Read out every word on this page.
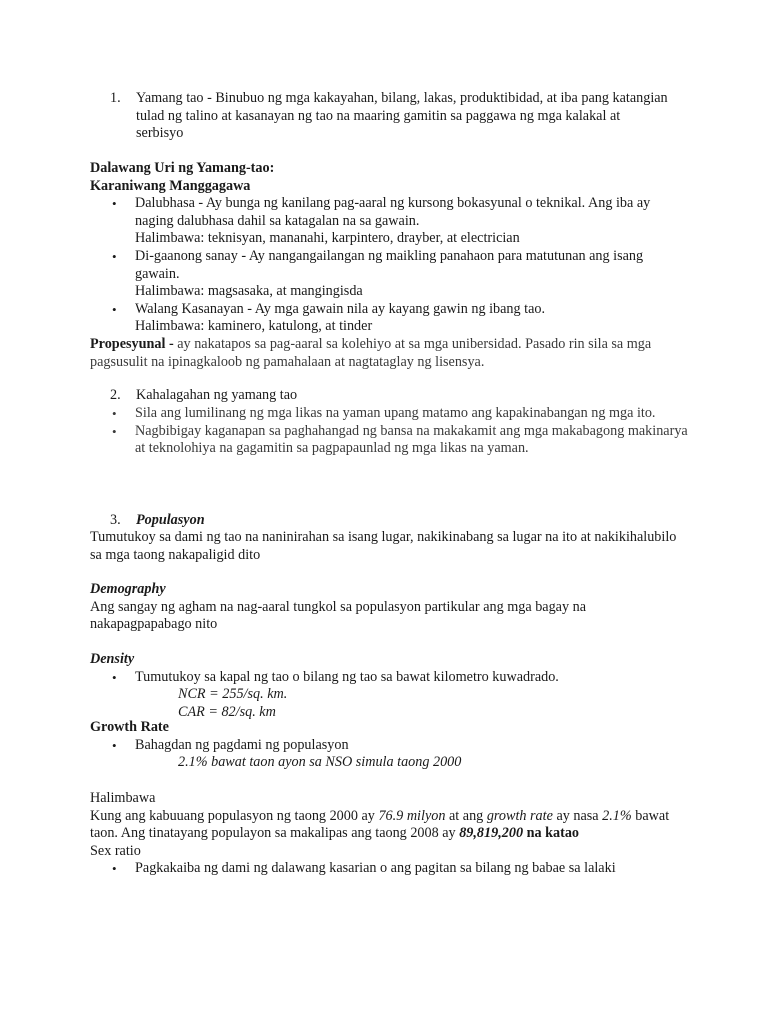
1. Yamang tao - Binubuo ng mga kakayahan, bilang, lakas, produktibidad, at iba pang katangian tulad ng talino at kasanayan ng tao na maaring gamitin sa paggawa ng mga kalakal at serbisyo
Dalawang Uri ng Yamang-tao:
Karaniwang Manggagawa
• Dalubhasa - Ay bunga ng kanilang pag-aaral ng kursong bokasyunal o teknikal. Ang iba ay naging dalubhasa dahil sa katagalan na sa gawain.
Halimbawa: teknisyan, mananahi, karpintero, drayber, at electrician
• Di-gaanong sanay - Ay nangangailangan ng maikling panahaon para matutunan ang isang gawain.
Halimbawa: magsasaka, at mangingisda
• Walang Kasanayan - Ay mga gawain nila ay kayang gawin ng ibang tao.
Halimbawa: kaminero, katulong, at tinder
Propesyunal - ay nakatapos sa pag-aaral sa kolehiyo at sa mga unibersidad. Pasado rin sila sa mga pagsusulit na ipinagkaloob ng pamahalaan at nagtataglay ng lisensya.
2. Kahalagahan ng yamang tao
• Sila ang lumilinang ng mga likas na yaman upang matamo ang kapakinabangan ng mga ito.
• Nagbibigay kaganapan sa paghahangad ng bansa na makakamit ang mga makabagong makinarya at teknolohiya na gagamitin sa pagpapaunlad ng mga likas na yaman.
3. Populasyon
Tumutukoy sa dami ng tao na naninirahan sa isang lugar, nakikinabang sa lugar na ito at nakikihalubilo sa mga taong nakapaligid dito
Demography
Ang sangay ng agham na nag-aaral tungkol sa populasyon partikular ang mga bagay na nakapagpapabago nito
Density
• Tumutukoy sa kapal ng tao o bilang ng tao sa bawat kilometro kuwadrado.
NCR = 255/sq. km.
CAR = 82/sq. km
Growth Rate
• Bahagdan ng pagdami ng populasyon
2.1% bawat taon ayon sa NSO simula taong 2000
Halimbawa
Kung ang kabuuang populasyon ng taong 2000 ay 76.9 milyon at ang growth rate ay nasa 2.1% bawat taon. Ang tinatayang populayon sa makalipas ang taong 2008 ay 89,819,200 na katao
Sex ratio
• Pagkakaiba ng dami ng dalawang kasarian o ang pagitan sa bilang ng babae sa lalaki
